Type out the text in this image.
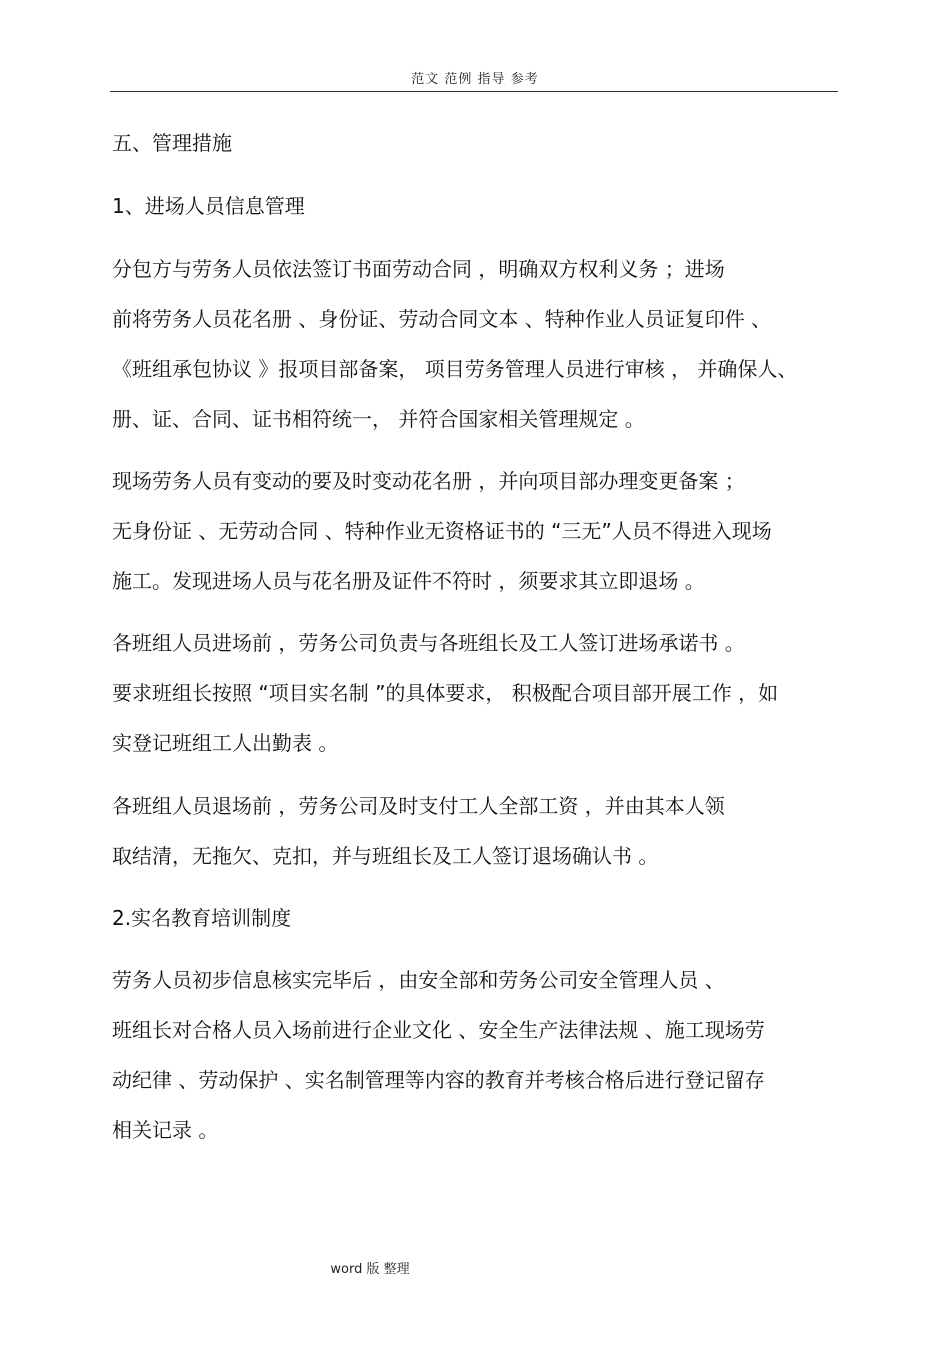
范文 范例 指导 参考
五、管理措施
1、进场人员信息管理
分包方与劳务人员依法签订书面劳动合同 ，明确双方权利义务 ；进场
前将劳务人员花名册 、身份证、劳动合同文本 、特种作业人员证复印件 、
《班组承包协议 》报项目部备案， 项目劳务管理人员进行审核 ， 并确保人、
册、证、合同、证书相符统一， 并符合国家相关管理规定 。
现场劳务人员有变动的要及时变动花名册 ，并向项目部办理变更备案 ；
无身份证 、无劳动合同 、特种作业无资格证书的 “三无”人员不得进入现场
施工。发现进场人员与花名册及证件不符时 ，须要求其立即退场 。
各班组人员进场前 ，劳务公司负责与各班组长及工人签订进场承诺书 。
要求班组长按照 “项目实名制 ”的具体要求， 积极配合项目部开展工作 ，如
实登记班组工人出勤表 。
各班组人员退场前 ，劳务公司及时支付工人全部工资 ，并由其本人领
取结清，无拖欠、克扣，并与班组长及工人签订退场确认书 。
2.实名教育培训制度
劳务人员初步信息核实完毕后 ，由安全部和劳务公司安全管理人员 、
班组长对合格人员入场前进行企业文化 、安全生产法律法规 、施工现场劳
动纪律 、劳动保护 、实名制管理等内容的教育并考核合格后进行登记留存
相关记录 。
word 版 整理
